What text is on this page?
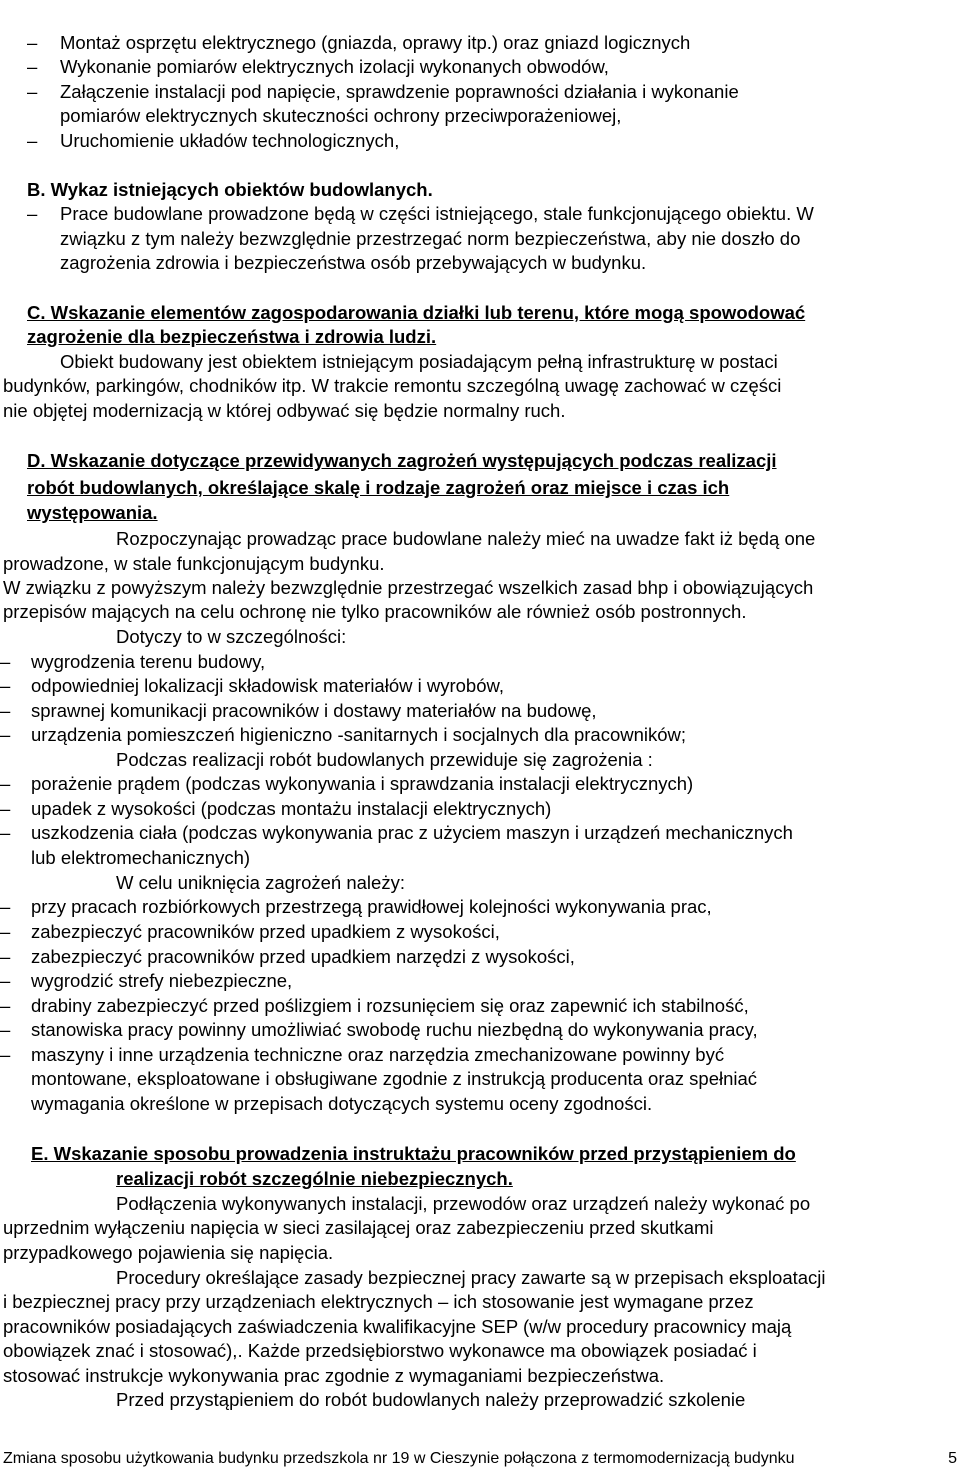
– Montaż osprzętu elektrycznego (gniazda, oprawy itp.) oraz gniazd logicznych
– Wykonanie pomiarów elektrycznych izolacji wykonanych obwodów,
– Załączenie instalacji pod napięcie, sprawdzenie poprawności działania i wykonanie
pomiarów elektrycznych skuteczności ochrony przeciwporażeniowej,
– Uruchomienie układów technologicznych,
B. Wykaz istniejących obiektów budowlanych.
– Prace budowlane prowadzone będą w części istniejącego, stale funkcjonującego obiektu. W
związku z tym należy bezwzględnie przestrzegać norm bezpieczeństwa, aby nie doszło do
zagrożenia zdrowia i bezpieczeństwa osób przebywających w budynku.
C. Wskazanie elementów zagospodarowania działki lub terenu, które mogą spowodować
zagrożenie dla bezpieczeństwa i zdrowia ludzi.
Obiekt budowany jest obiektem istniejącym posiadającym pełną infrastrukturę w postaci
budynków, parkingów, chodników itp. W trakcie remontu szczególną uwagę zachować w części
nie objętej modernizacją w której odbywać się będzie normalny ruch.
D. Wskazanie dotyczące przewidywanych zagrożeń występujących podczas realizacji
robót budowlanych, określające skalę i rodzaje zagrożeń oraz miejsce i czas ich
występowania.
Rozpoczynając prowadząc prace budowlane należy mieć na uwadze fakt iż będą one
prowadzone, w stale funkcjonującym budynku.
W związku z powyższym należy bezwzględnie przestrzegać wszelkich zasad bhp i obowiązujących
przepisów mających na celu ochronę nie tylko pracowników ale również osób postronnych.
Dotyczy to w szczególności:
– wygrodzenia terenu budowy,
– odpowiedniej lokalizacji składowisk materiałów i wyrobów,
– sprawnej komunikacji pracowników i dostawy materiałów na budowę,
– urządzenia pomieszczeń higieniczno -sanitarnych i socjalnych dla pracowników;
Podczas realizacji robót budowlanych przewiduje się zagrożenia :
– porażenie prądem (podczas wykonywania i sprawdzania instalacji elektrycznych)
– upadek z wysokości (podczas montażu instalacji elektrycznych)
– uszkodzenia ciała (podczas wykonywania prac z użyciem maszyn i urządzeń mechanicznych
lub elektromechanicznych)
W celu uniknięcia zagrożeń należy:
– przy pracach rozbiórkowych przestrzegą prawidłowej kolejności wykonywania prac,
– zabezpieczyć pracowników przed upadkiem z wysokości,
– zabezpieczyć pracowników przed upadkiem narzędzi z wysokości,
– wygrodzić strefy niebezpieczne,
– drabiny zabezpieczyć przed poślizgiem i rozsunięciem się oraz zapewnić ich stabilność,
– stanowiska pracy powinny umożliwiać swobodę ruchu niezbędną do wykonywania pracy,
– maszyny i inne urządzenia techniczne oraz narzędzia zmechanizowane powinny być
montowane, eksploatowane i obsługiwane zgodnie z instrukcją producenta oraz spełniać
wymagania określone w przepisach dotyczących systemu oceny zgodności.
E. Wskazanie sposobu prowadzenia instruktażu pracowników przed przystąpieniem do
realizacji robót szczególnie niebezpiecznych.
Podłączenia wykonywanych instalacji, przewodów oraz urządzeń należy wykonać po
uprzednim wyłączeniu napięcia w sieci zasilającej oraz zabezpieczeniu przed skutkami
przypadkowego pojawienia się napięcia.
Procedury określające zasady bezpiecznej pracy zawarte są w przepisach eksploatacji
i bezpiecznej pracy przy urządzeniach elektrycznych – ich stosowanie jest wymagane przez
pracowników posiadających zaświadczenia kwalifikacyjne SEP (w/w procedury pracownicy mają
obowiązek znać i stosować),. Każde przedsiębiorstwo wykonawce ma obowiązek posiadać i
stosować instrukcje wykonywania prac zgodnie z wymaganiami bezpieczeństwa.
Przed przystąpieniem do robót budowlanych należy przeprowadzić szkolenie
Zmiana sposobu użytkowania budynku przedszkola nr 19 w Cieszynie połączona z termomodernizacją budynku	5
